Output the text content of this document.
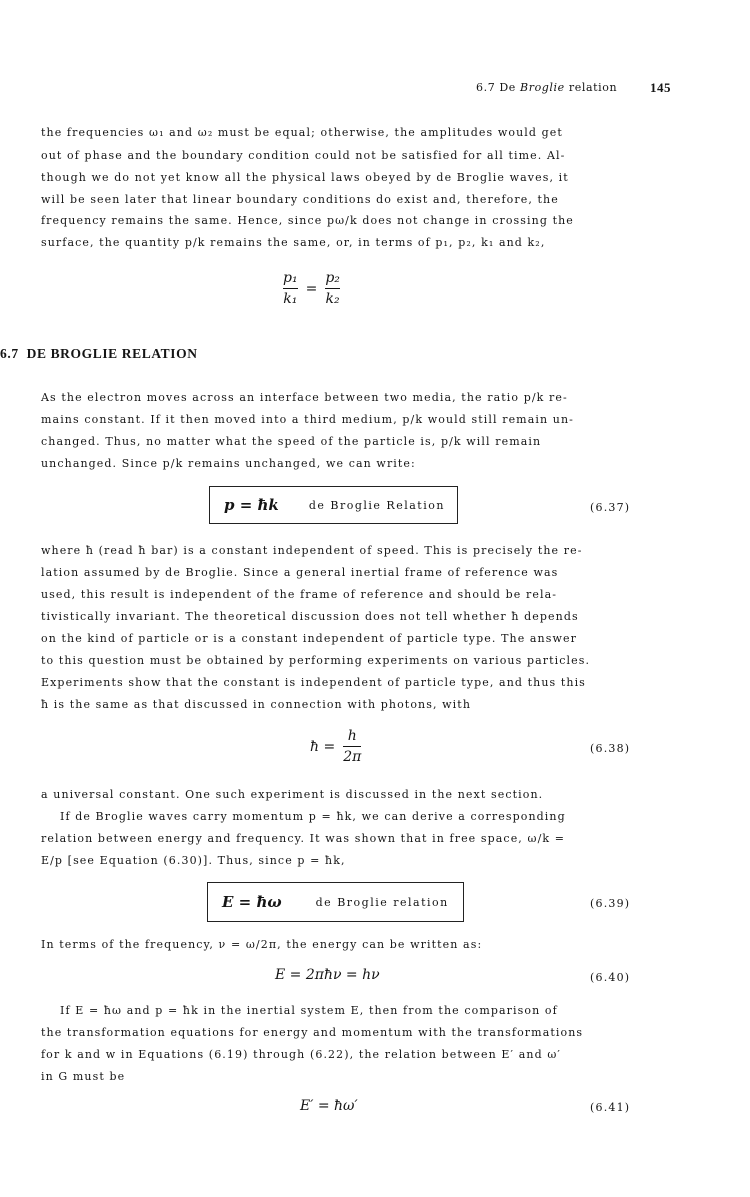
6.7 De Broglie relation	145
the frequencies ω₁ and ω₂ must be equal; otherwise, the amplitudes would get
out of phase and the boundary condition could not be satisfied for all time. Al-
though we do not yet know all the physical laws obeyed by de Broglie waves, it
will be seen later that linear boundary conditions do exist and, therefore, the
frequency remains the same. Hence, since pω/k does not change in crossing the
surface, the quantity p/k remains the same, or, in terms of p₁, p₂, k₁ and k₂,
$\frac{\text{p₁}}{\text{k₁}} = \frac{\text{p₂}}{\text{k₂}}$
6.7 DE BROGLIE RELATION
As the electron moves across an interface between two media, the ratio p/k re-
mains constant. If it then moved into a third medium, p/k would still remain un-
changed. Thus, no matter what the speed of the particle is, p/k will remain
unchanged. Since p/k remains unchanged, we can write:
p = ħk	de Broglie Relation	(6.37)
where ħ (read ħ bar) is a constant independent of speed. This is precisely the re-
lation assumed by de Broglie. Since a general inertial frame of reference was
used, this result is independent of the frame of reference and should be rela-
tivistically invariant. The theoretical discussion does not tell whether ħ depends
on the kind of particle or is a constant independent of particle type. The answer
to this question must be obtained by performing experiments on various particles.
Experiments show that the constant is independent of particle type, and thus this
ħ is the same as that discussed in connection with photons, with
ħ = $\frac{h}{2\pi}$	(6.38)
a universal constant. One such experiment is discussed in the next section.
If de Broglie waves carry momentum p = ħk, we can derive a corresponding
relation between energy and frequency. It was shown that in free space, ω/k =
E/p [see Equation (6.30)]. Thus, since p = ħk,
E = ħω	de Broglie relation	(6.39)
In terms of the frequency, ν = ω/2π, the energy can be written as:
E = 2πħν = hν	(6.40)
If E = ħω and p = ħk in the inertial system E, then from the comparison of
the transformation equations for energy and momentum with the transformations
for k and w in Equations (6.19) through (6.22), the relation between E′ and ω′
in G must be
E′ = ħω′	(6.41)
